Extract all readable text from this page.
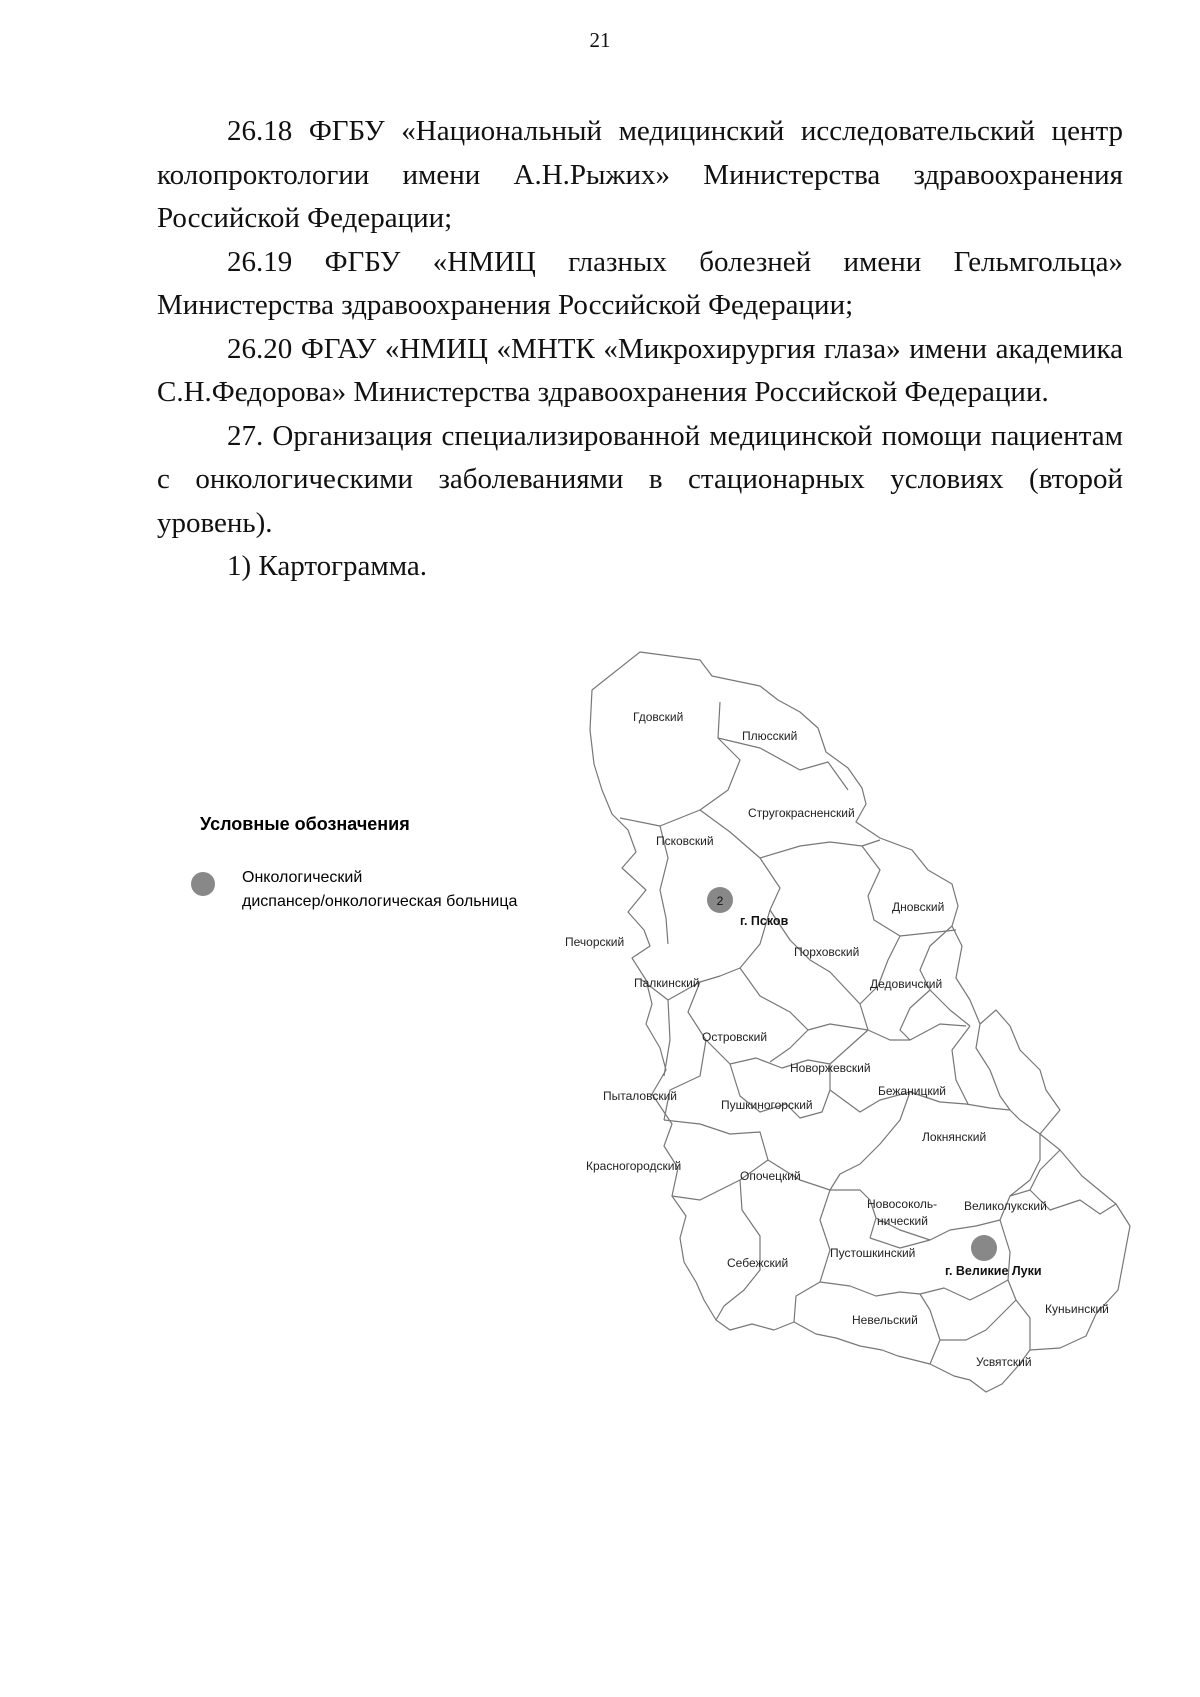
21

26.18 ФГБУ «Национальный медицинский исследовательский центр колопроктологии имени А.Н.Рыжих» Министерства здравоохранения Российской Федерации;

26.19 ФГБУ «НМИЦ глазных болезней имени Гельмгольца» Министерства здравоохранения Российской Федерации;

26.20 ФГАУ «НМИЦ «МНТК «Микрохирургия глаза» имени академика С.Н.Федорова» Министерства здравоохранения Российской Федерации.

27. Организация специализированной медицинской помощи пациентам с онкологическими заболеваниями в стационарных условиях (второй уровень).

1) Картограмма.

Условные обозначения
Онкологический
диспансер/онкологическая больница	2
Гдовский
Плюсский
Стругокрасненский
Псковский
Дновский
Печорский
Порховский
Палкинский	Дедовичский
Островский
Новоржевский
Бежаницкий
Пыталовский
Пушкиногорский
Локнянский
Красногородский
Опочецкий
Новосоколь-
нический
Великолукский
Себежский
Пустошкинский
Куньинский
Невельский
Усвятский
г. Псков
г. Великие Луки
